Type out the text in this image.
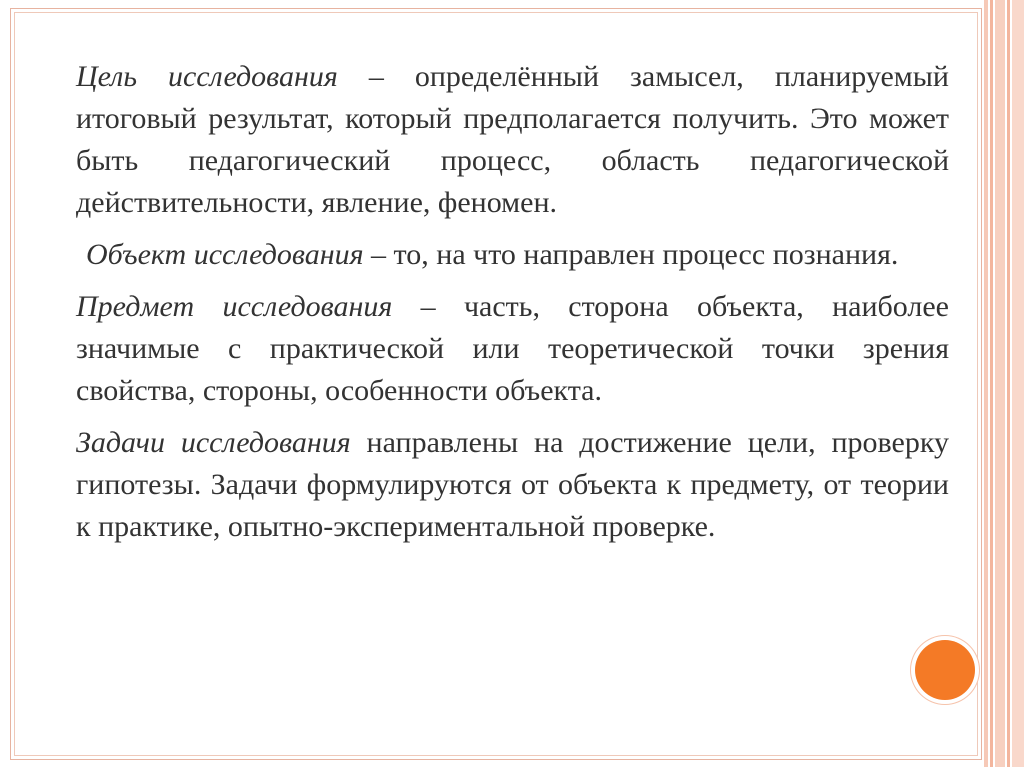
Цель исследования – определённый замысел, планируемый итоговый результат, который предполагается получить. Это может быть педагогический процесс, область педагогической действительности, явление, феномен.

Объект исследования – то, на что направлен процесс познания.

Предмет исследования – часть, сторона объекта, наиболее значимые с практической или теоретической точки зрения свойства, стороны, особенности объекта.

Задачи исследования направлены на достижение цели, проверку гипотезы. Задачи формулируются от объекта к предмету, от теории к практике, опытно-экспериментальной проверке.
